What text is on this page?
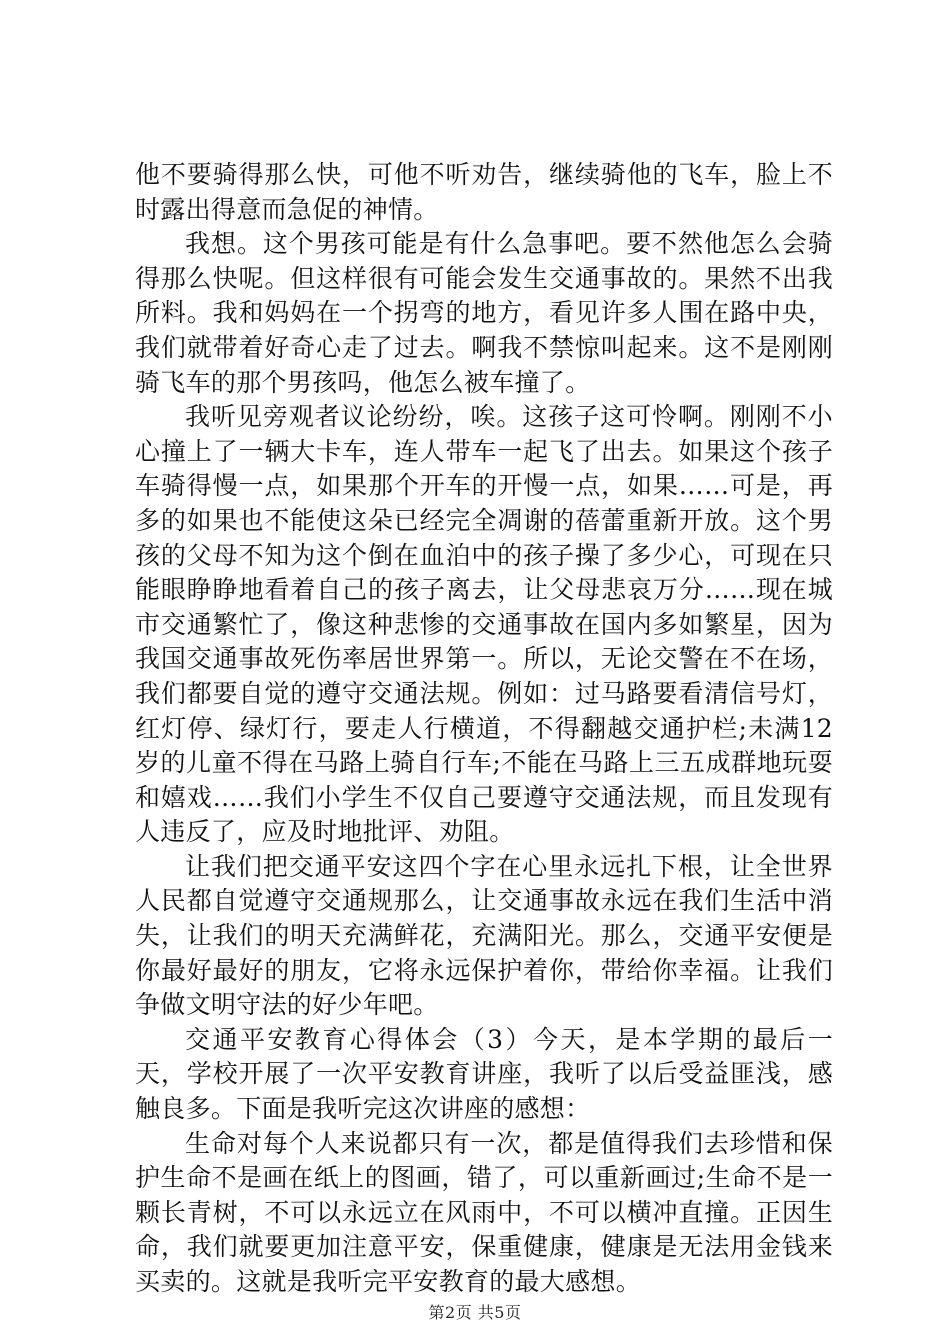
他不要骑得那么快，可他不听劝告，继续骑他的飞车，脸上不时露出得意而急促的神情。

我想。这个男孩可能是有什么急事吧。要不然他怎么会骑得那么快呢。但这样很有可能会发生交通事故的。果然不出我所料。我和妈妈在一个拐弯的地方，看见许多人围在路中央，我们就带着好奇心走了过去。啊我不禁惊叫起来。这不是刚刚骑飞车的那个男孩吗，他怎么被车撞了。

我听见旁观者议论纷纷，唉。这孩子这可怜啊。刚刚不小心撞上了一辆大卡车，连人带车一起飞了出去。如果这个孩子车骑得慢一点，如果那个开车的开慢一点，如果……可是，再多的如果也不能使这朵已经完全凋谢的蓓蕾重新开放。这个男孩的父母不知为这个倒在血泊中的孩子操了多少心，可现在只能眼睁睁地看着自己的孩子离去，让父母悲哀万分……现在城市交通繁忙了，像这种悲惨的交通事故在国内多如繁星，因为我国交通事故死伤率居世界第一。所以，无论交警在不在场，我们都要自觉的遵守交通法规。例如：过马路要看清信号灯，红灯停、绿灯行，要走人行横道，不得翻越交通护栏;未满12岁的儿童不得在马路上骑自行车;不能在马路上三五成群地玩耍和嬉戏……我们小学生不仅自己要遵守交通法规，而且发现有人违反了，应及时地批评、劝阻。

让我们把交通平安这四个字在心里永远扎下根，让全世界人民都自觉遵守交通规那么，让交通事故永远在我们生活中消失，让我们的明天充满鲜花，充满阳光。那么，交通平安便是你最好最好的朋友，它将永远保护着你，带给你幸福。让我们争做文明守法的好少年吧。

交通平安教育心得体会（3）今天，是本学期的最后一天，学校开展了一次平安教育讲座，我听了以后受益匪浅，感触良多。下面是我听完这次讲座的感想：

生命对每个人来说都只有一次，都是值得我们去珍惜和保护生命不是画在纸上的图画，错了，可以重新画过;生命不是一颗长青树，不可以永远立在风雨中，不可以横冲直撞。正因生命，我们就要更加注意平安，保重健康，健康是无法用金钱来买卖的。这就是我听完平安教育的最大感想。

第2页 共5页
